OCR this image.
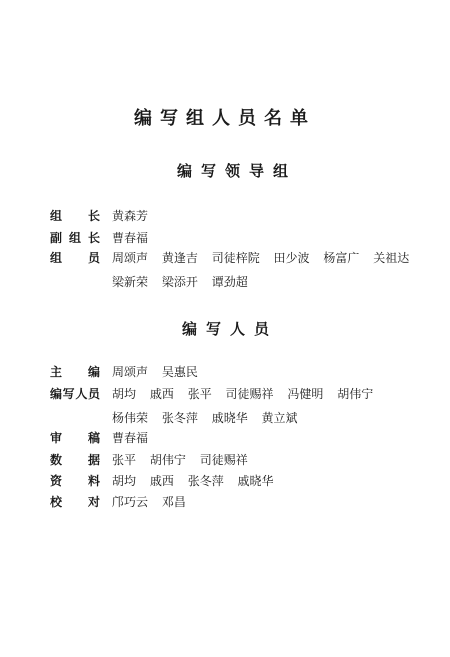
编写组人员名单
编写领导组
组长 黄森芳
副组长 曹春福
组员 周颂声 黄逢吉 司徒梓院 田少波 杨富广 关祖达
梁新荣 梁添开 谭劲超
编写人员
主编 周颂声 吴惠民
编写人员 胡均 戚西 张平 司徒赐祥 冯健明 胡伟宁
杨伟荣 张冬萍 戚晓华 黄立斌
审稿 曹春福
数据 张平 胡伟宁 司徒赐祥
资料 胡均 戚西 张冬萍 戚晓华
校对 邝巧云 邓昌
